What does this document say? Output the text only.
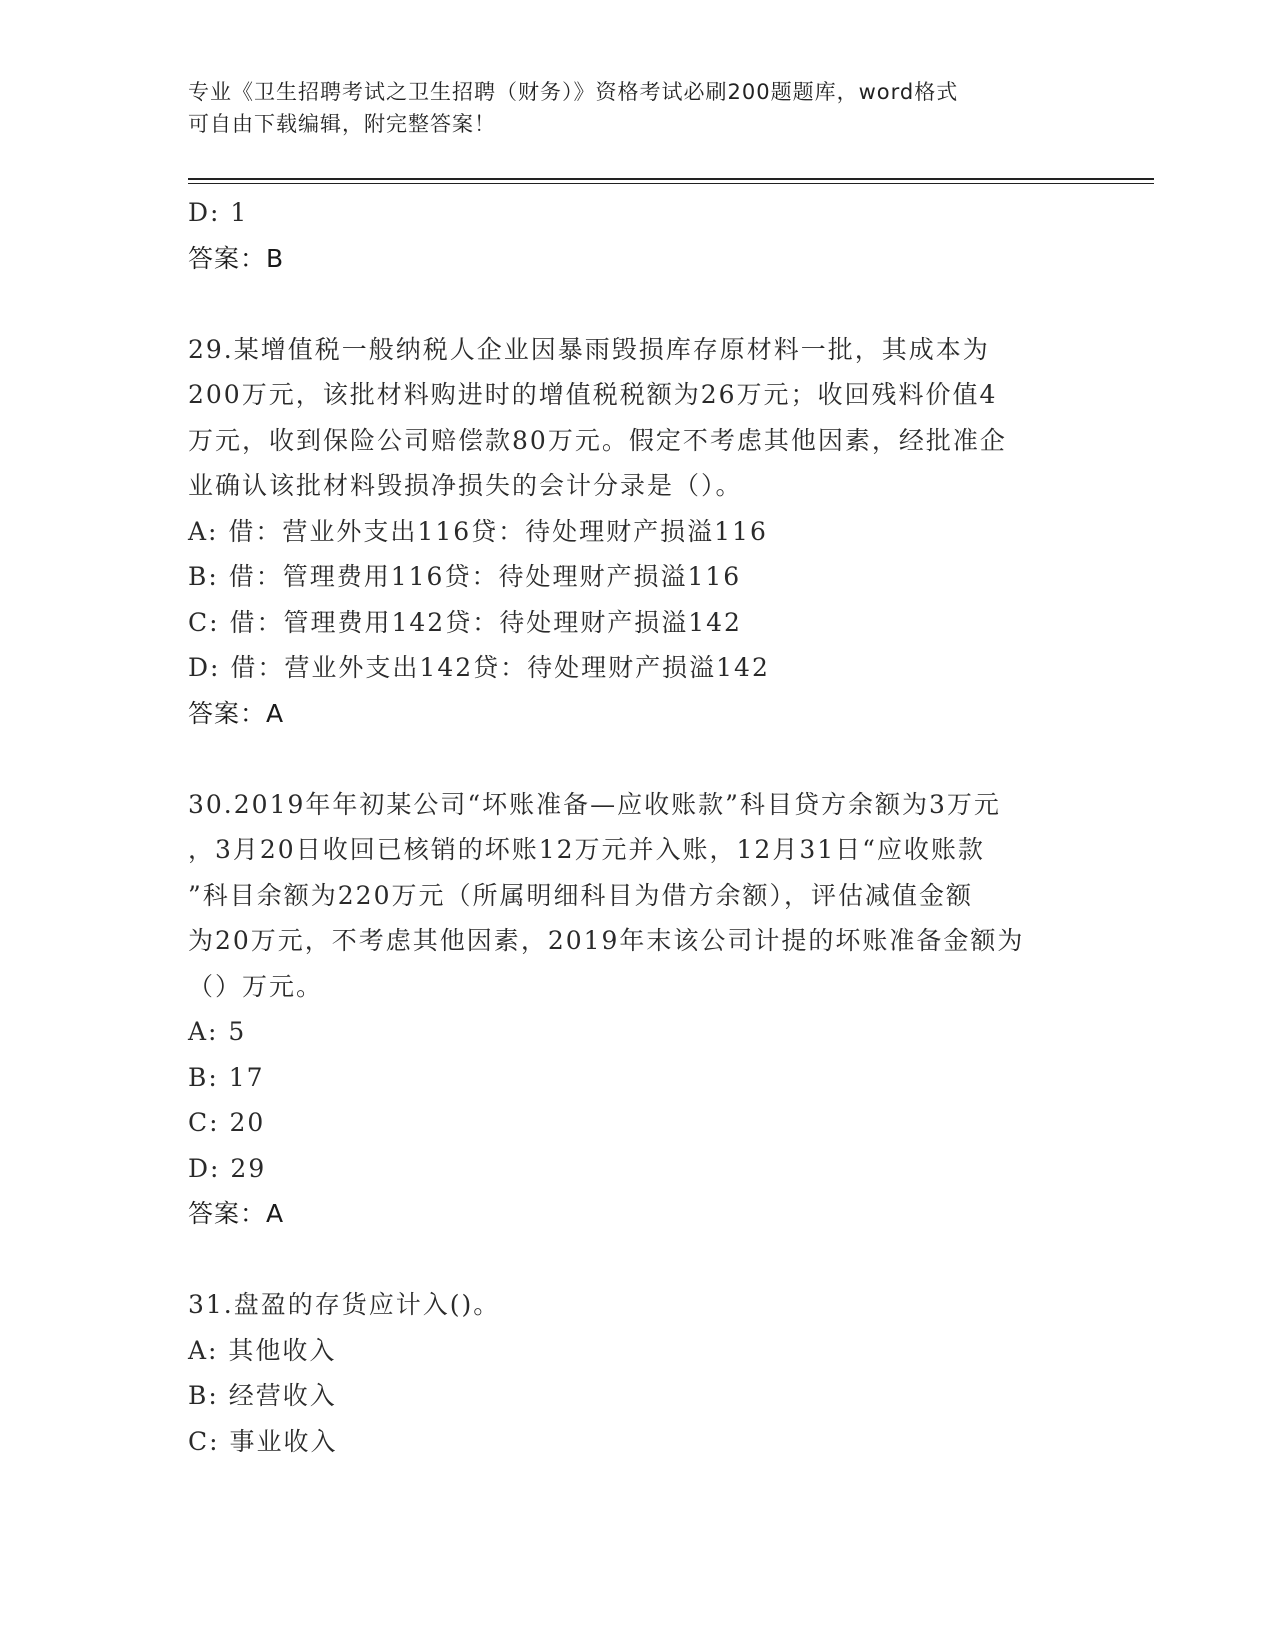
专业《卫生招聘考试之卫生招聘（财务）》资格考试必刷200题题库，word格式
可自由下载编辑，附完整答案！
D: 1
答案：B
29.某增值税一般纳税人企业因暴雨毁损库存原材料一批，其成本为
200万元，该批材料购进时的增值税税额为26万元；收回残料价值4
万元，收到保险公司赔偿款80万元。假定不考虑其他因素，经批准企
业确认该批材料毁损净损失的会计分录是（）。
A: 借：营业外支出116贷：待处理财产损溢116
B: 借：管理费用116贷：待处理财产损溢116
C: 借：管理费用142贷：待处理财产损溢142
D: 借：营业外支出142贷：待处理财产损溢142
答案：A
30.2019年年初某公司“坏账准备—应收账款”科目贷方余额为3万元
，3月20日收回已核销的坏账12万元并入账，12月31日“应收账款
”科目余额为220万元（所属明细科目为借方余额），评估减值金额
为20万元，不考虑其他因素，2019年末该公司计提的坏账准备金额为
（）万元。
A: 5
B: 17
C: 20
D: 29
答案：A
31.盘盈的存货应计入()。
A: 其他收入
B: 经营收入
C: 事业收入
